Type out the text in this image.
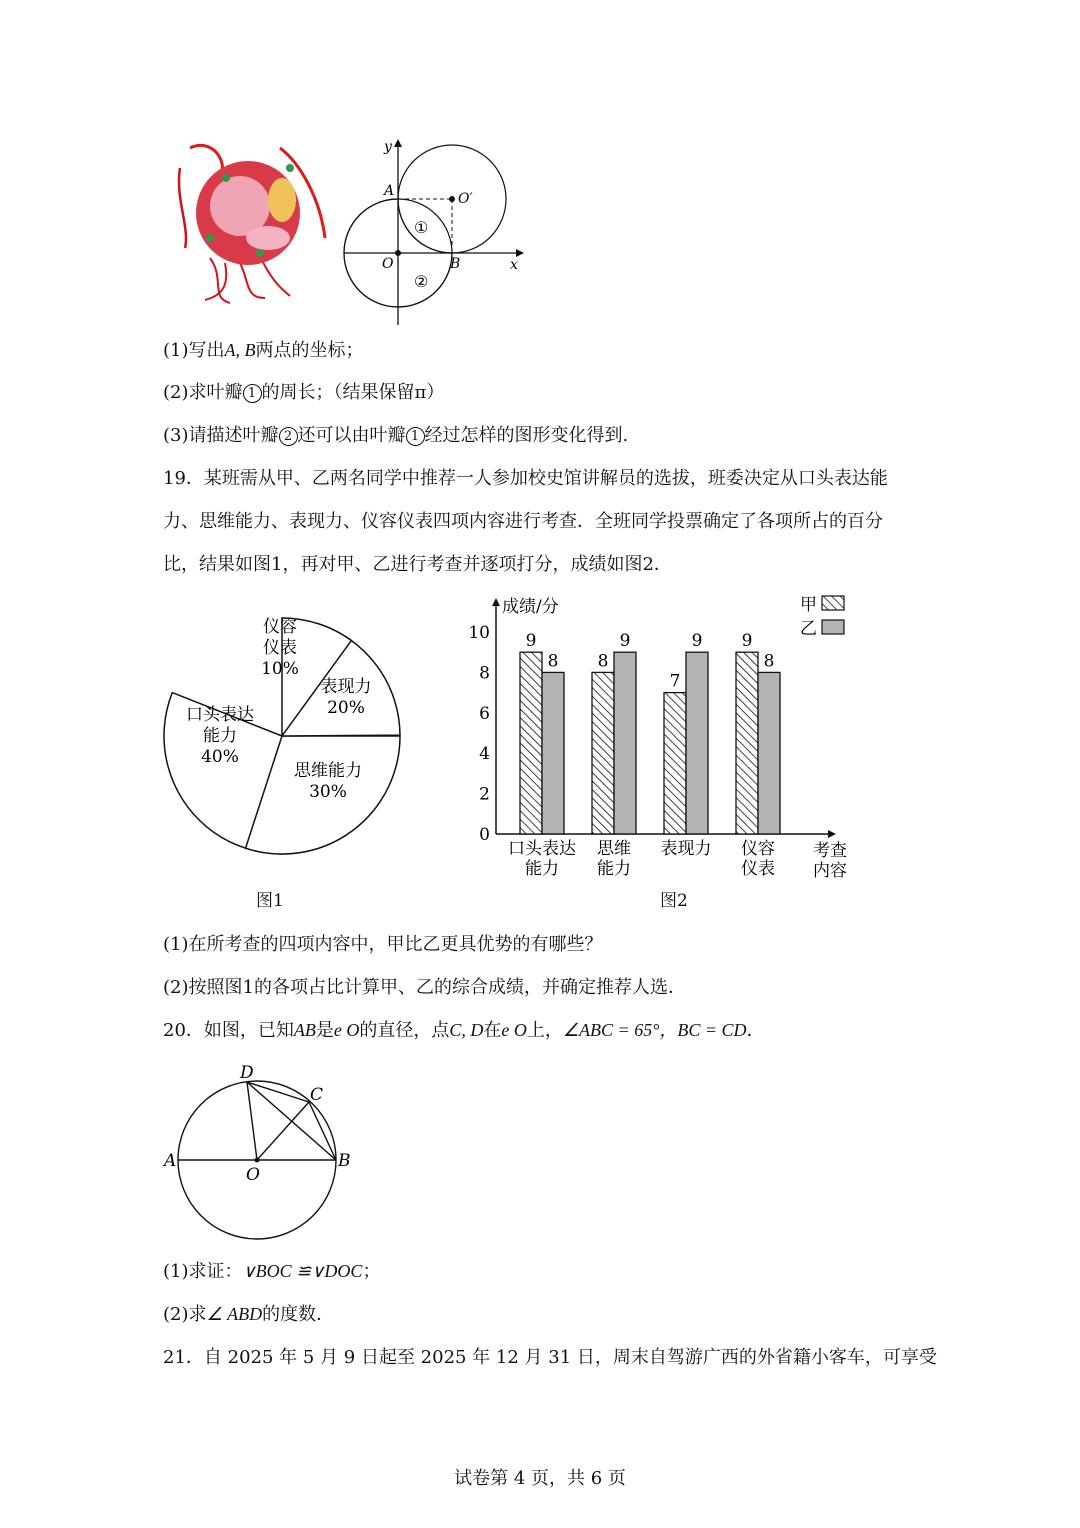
y
x
A
B
O
O′
①
②
(1)写出A, B两点的坐标；
(2)求叶瓣 1 的周长；（结果保留π）
(3)请描述叶瓣 2 还可以由叶瓣 1 经过怎样的图形变化得到.
19．某班需从甲、乙两名同学中推荐一人参加校史馆讲解员的选拔，班委决定从口头表达能
力、思维能力、表现力、仪容仪表四项内容进行考查．全班同学投票确定了各项所占的百分
比，结果如图1，再对甲、乙进行考查并逐项打分，成绩如图2．
口头表达
能力
40%
思维能力
30%
表现力
20%
仪容
仪表
10%
图1
成绩/分
0
2
4
6
8
10 9
8
口头表达
能力
8
9
思维
能力
7
9
表现力
9
8
仪容
仪表
考查
内容
甲
乙
图2
(1)在所考查的四项内容中，甲比乙更具优势的有哪些？
(2)按照图1的各项占比计算甲、乙的综合成绩，并确定推荐人选．
20．如图，已知AB是e O的直径，点C, D在e O上，∠ABC = 65°，BC = CD．
A	B
C
D
O
(1)求证：∨BOC ≌∨DOC；
(2)求∠ ABD的度数．
21．自 2025 年 5 月 9 日起至 2025 年 12 月 31 日，周末自驾游广西的外省籍小客车，可享受
试卷第 4 页，共 6 页
